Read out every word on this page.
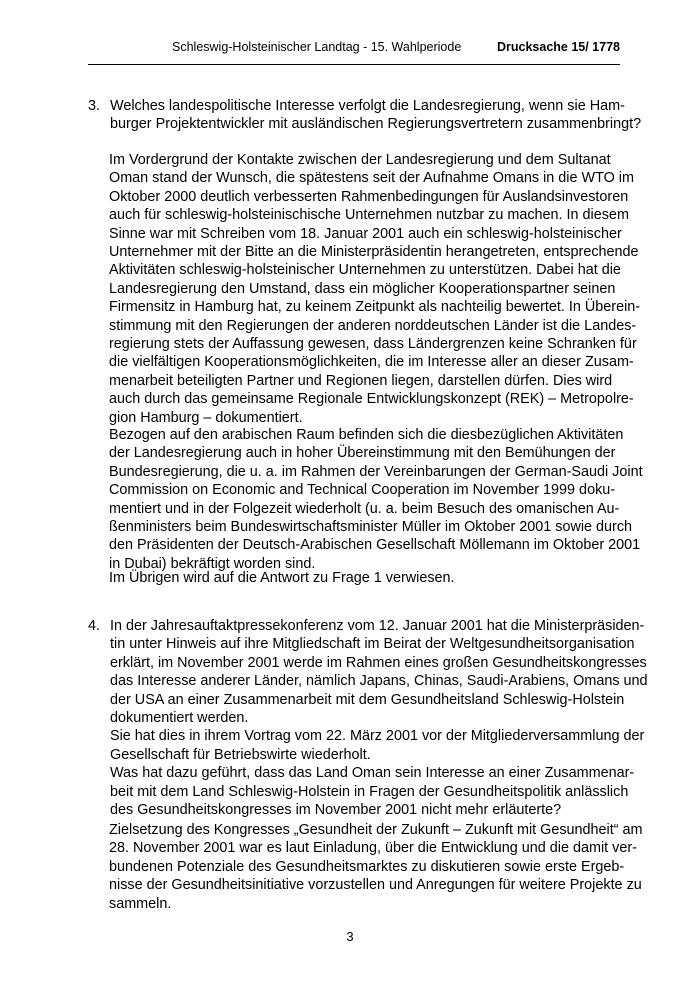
Schleswig-Holsteinischer Landtag - 15. Wahlperiode	Drucksache 15/ 1778
3. Welches landespolitische Interesse verfolgt die Landesregierung, wenn sie Ham-
burger Projektentwickler mit ausländischen Regierungsvertretern zusammenbringt?
Im Vordergrund der Kontakte zwischen der Landesregierung und dem Sultanat
Oman stand der Wunsch, die spätestens seit der Aufnahme Omans in die WTO im
Oktober 2000 deutlich verbesserten Rahmenbedingungen für Auslandsinvestoren
auch für schleswig-holsteinischische Unternehmen nutzbar zu machen. In diesem
Sinne war mit Schreiben vom 18. Januar 2001 auch ein schleswig-holsteinischer
Unternehmer mit der Bitte an die Ministerpräsidentin herangetreten, entsprechende
Aktivitäten schleswig-holsteinischer Unternehmen zu unterstützen. Dabei hat die
Landesregierung den Umstand, dass ein möglicher Kooperationspartner seinen
Firmensitz in Hamburg hat, zu keinem Zeitpunkt als nachteilig bewertet. In Überein-
stimmung mit den Regierungen der anderen norddeutschen Länder ist die Landes-
regierung stets der Auffassung gewesen, dass Ländergrenzen keine Schranken für
die vielfältigen Kooperationsmöglichkeiten, die im Interesse aller an dieser Zusam-
menarbeit beteiligten Partner und Regionen liegen, darstellen dürfen. Dies wird
auch durch das gemeinsame Regionale Entwicklungskonzept (REK) – Metropolre-
gion Hamburg – dokumentiert.
Bezogen auf den arabischen Raum befinden sich die diesbezüglichen Aktivitäten
der Landesregierung auch in hoher Übereinstimmung mit den Bemühungen der
Bundesregierung, die u. a. im Rahmen der Vereinbarungen der German-Saudi Joint
Commission on Economic and Technical Cooperation im November 1999 doku-
mentiert und in der Folgezeit wiederholt (u. a. beim Besuch des omanischen Au-
ßenministers beim Bundeswirtschaftsminister Müller im Oktober 2001 sowie durch
den Präsidenten der Deutsch-Arabischen Gesellschaft Möllemann im Oktober 2001
in Dubai) bekräftigt worden sind.
Im Übrigen wird auf die Antwort zu Frage 1 verwiesen.
4. In der Jahresauftaktpressekonferenz vom 12. Januar 2001 hat die Ministerpräsiden-
tin unter Hinweis auf ihre Mitgliedschaft im Beirat der Weltgesundheitsorganisation
erklärt, im November 2001 werde im Rahmen eines großen Gesundheitskongresses
das Interesse anderer Länder, nämlich Japans, Chinas, Saudi-Arabiens, Omans und
der USA an einer Zusammenarbeit mit dem Gesundheitsland Schleswig-Holstein
dokumentiert werden.
Sie hat dies in ihrem Vortrag vom 22. März 2001 vor der Mitgliederversammlung der
Gesellschaft für Betriebswirte wiederholt.
Was hat dazu geführt, dass das Land Oman sein Interesse an einer Zusammenar-
beit mit dem Land Schleswig-Holstein in Fragen der Gesundheitspolitik anlässlich
des Gesundheitskongresses im November 2001 nicht mehr erläuterte?
Zielsetzung des Kongresses „Gesundheit der Zukunft – Zukunft mit Gesundheit“ am
28. November 2001 war es laut Einladung, über die Entwicklung und die damit ver-
bundenen Potenziale des Gesundheitsmarktes zu diskutieren sowie erste Ergeb-
nisse der Gesundheitsinitiative vorzustellen und Anregungen für weitere Projekte zu
sammeln.
3
